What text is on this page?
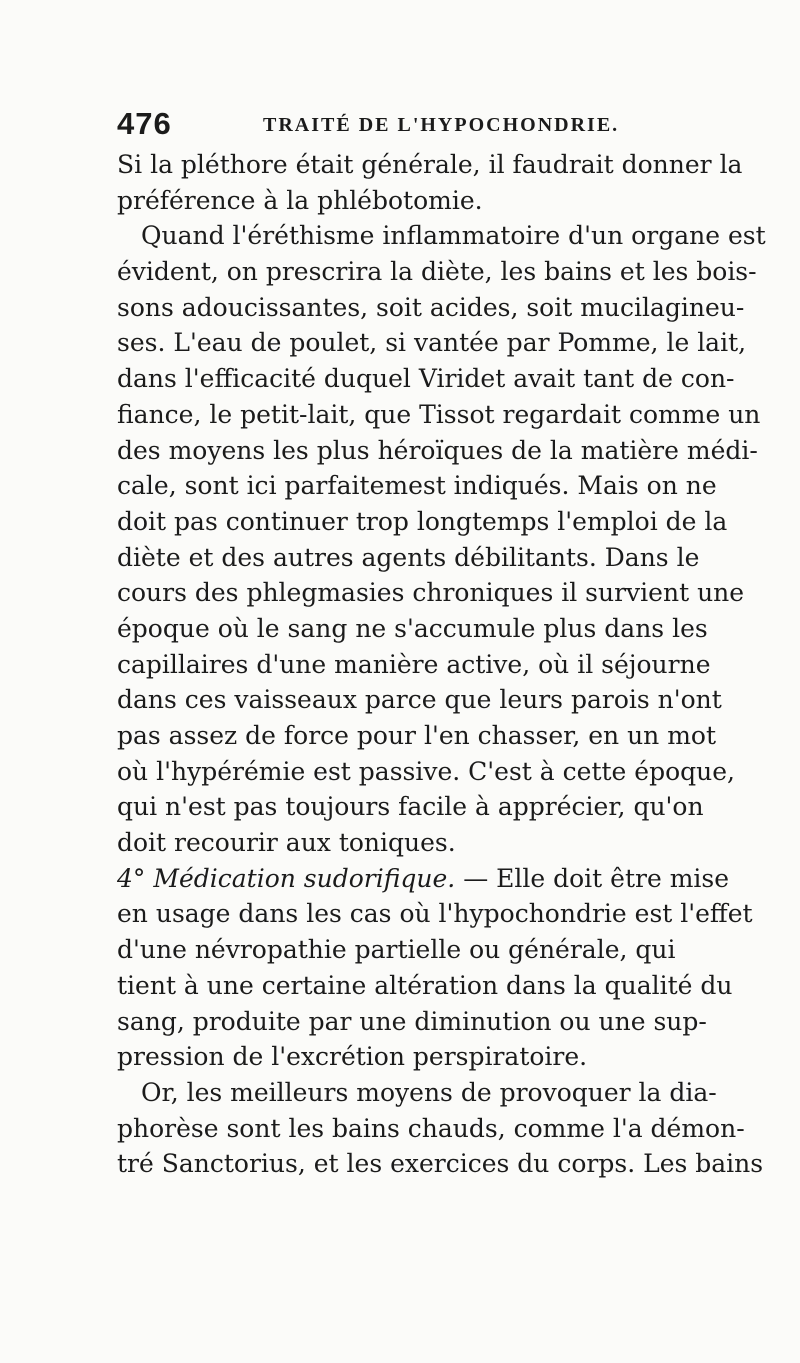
476	TRAITÉ DE L'HYPOCHONDRIE.
Si la pléthore était générale, il faudrait donner la
préférence à la phlébotomie.
Quand l'éréthisme inflammatoire d'un organe est
évident, on prescrira la diète, les bains et les bois-
sons adoucissantes, soit acides, soit mucilagineu-
ses. L'eau de poulet, si vantée par Pomme, le lait,
dans l'efficacité duquel Viridet avait tant de con-
fiance, le petit-lait, que Tissot regardait comme un
des moyens les plus héroïques de la matière médi-
cale, sont ici parfaitemest indiqués. Mais on ne
doit pas continuer trop longtemps l'emploi de la
diète et des autres agents débilitants. Dans le
cours des phlegmasies chroniques il survient une
époque où le sang ne s'accumule plus dans les
capillaires d'une manière active, où il séjourne
dans ces vaisseaux parce que leurs parois n'ont
pas assez de force pour l'en chasser, en un mot
où l'hypérémie est passive. C'est à cette époque,
qui n'est pas toujours facile à apprécier, qu'on
doit recourir aux toniques.
4° Médication sudorifique. — Elle doit être mise
en usage dans les cas où l'hypochondrie est l'effet
d'une névropathie partielle ou générale, qui
tient à une certaine altération dans la qualité du
sang, produite par une diminution ou une sup-
pression de l'excrétion perspiratoire.
Or, les meilleurs moyens de provoquer la dia-
phorèse sont les bains chauds, comme l'a démon-
tré Sanctorius, et les exercices du corps. Les bains
